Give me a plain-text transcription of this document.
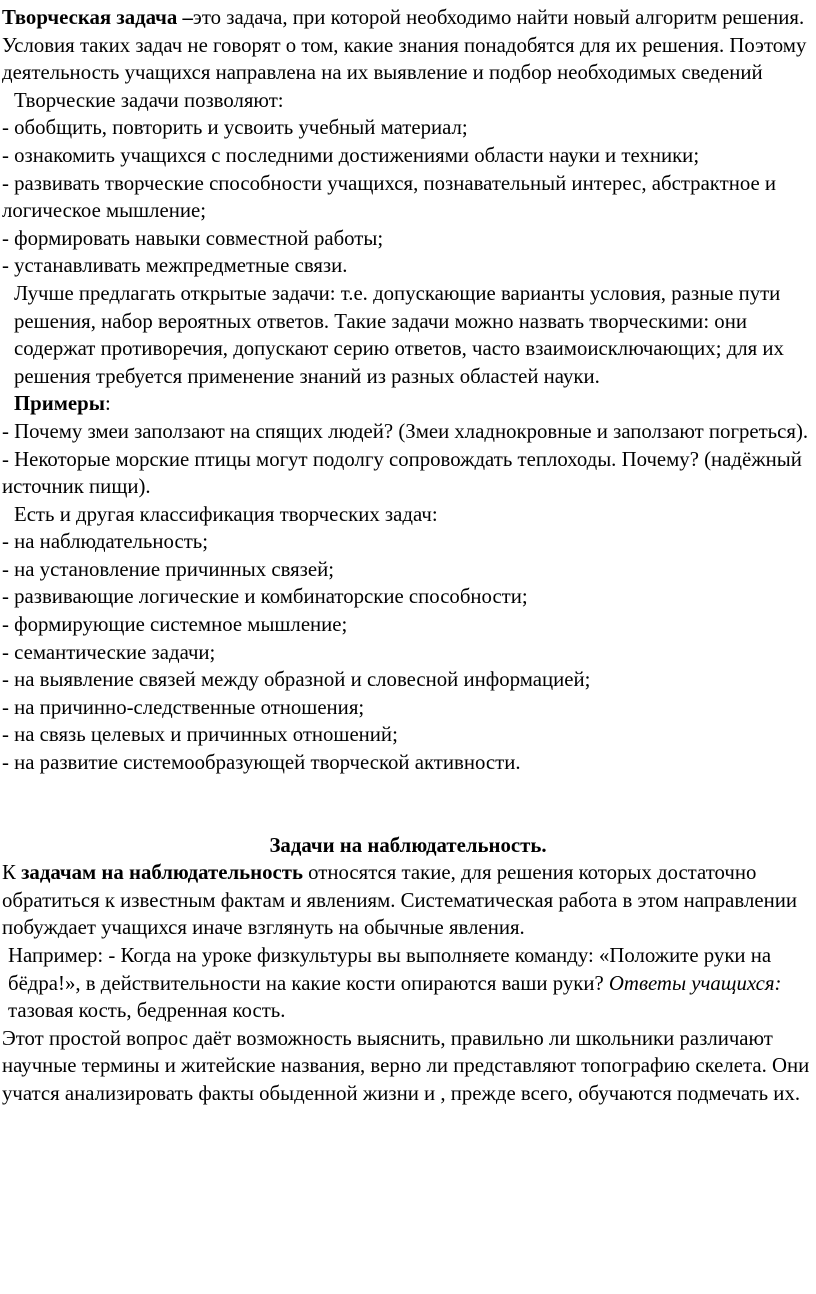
Творческая задача –это задача, при которой необходимо найти новый алгоритм решения. Условия таких задач не говорят о том, какие знания понадобятся для их решения. Поэтому деятельность учащихся направлена на их выявление и подбор необходимых сведений

Творческие задачи позволяют:

- обобщить, повторить и усвоить учебный материал;

- ознакомить учащихся с последними достижениями области науки и техники;

- развивать творческие способности учащихся, познавательный интерес, абстрактное и логическое мышление;

- формировать навыки совместной работы;

- устанавливать межпредметные связи.

Лучше предлагать открытые задачи: т.е. допускающие варианты условия, разные пути решения, набор вероятных ответов. Такие задачи можно назвать творческими: они содержат противоречия, допускают серию ответов, часто взаимоисключающих; для их решения требуется применение знаний из разных областей науки.

Примеры:

- Почему змеи заползают на спящих людей? (Змеи хладнокровные и заползают погреться).

- Некоторые морские птицы могут подолгу сопровождать теплоходы. Почему? (надёжный источник пищи).

Есть и другая классификация творческих задач:

- на наблюдательность;

- на установление причинных связей;

- развивающие логические и комбинаторские способности;

- формирующие системное мышление;

- семантические задачи;

- на выявление связей между образной и словесной информацией;

- на причинно-следственные отношения;

- на связь целевых и причинных отношений;

- на развитие системообразующей творческой активности.

Задачи на наблюдательность.

К задачам на наблюдательность относятся такие, для решения которых достаточно обратиться к известным фактам и явлениям. Систематическая работа в этом направлении побуждает учащихся иначе взглянуть на обычные явления.

Например: - Когда на уроке физкультуры вы выполняете команду: «Положите руки на бёдра!», в действительности на какие кости опираются ваши руки? Ответы учащихся: тазовая кость, бедренная кость.

Этот простой вопрос даёт возможность выяснить, правильно ли школьники различают научные термины и житейские названия, верно ли представляют топографию скелета. Они учатся анализировать факты обыденной жизни и , прежде всего, обучаются подмечать их.
